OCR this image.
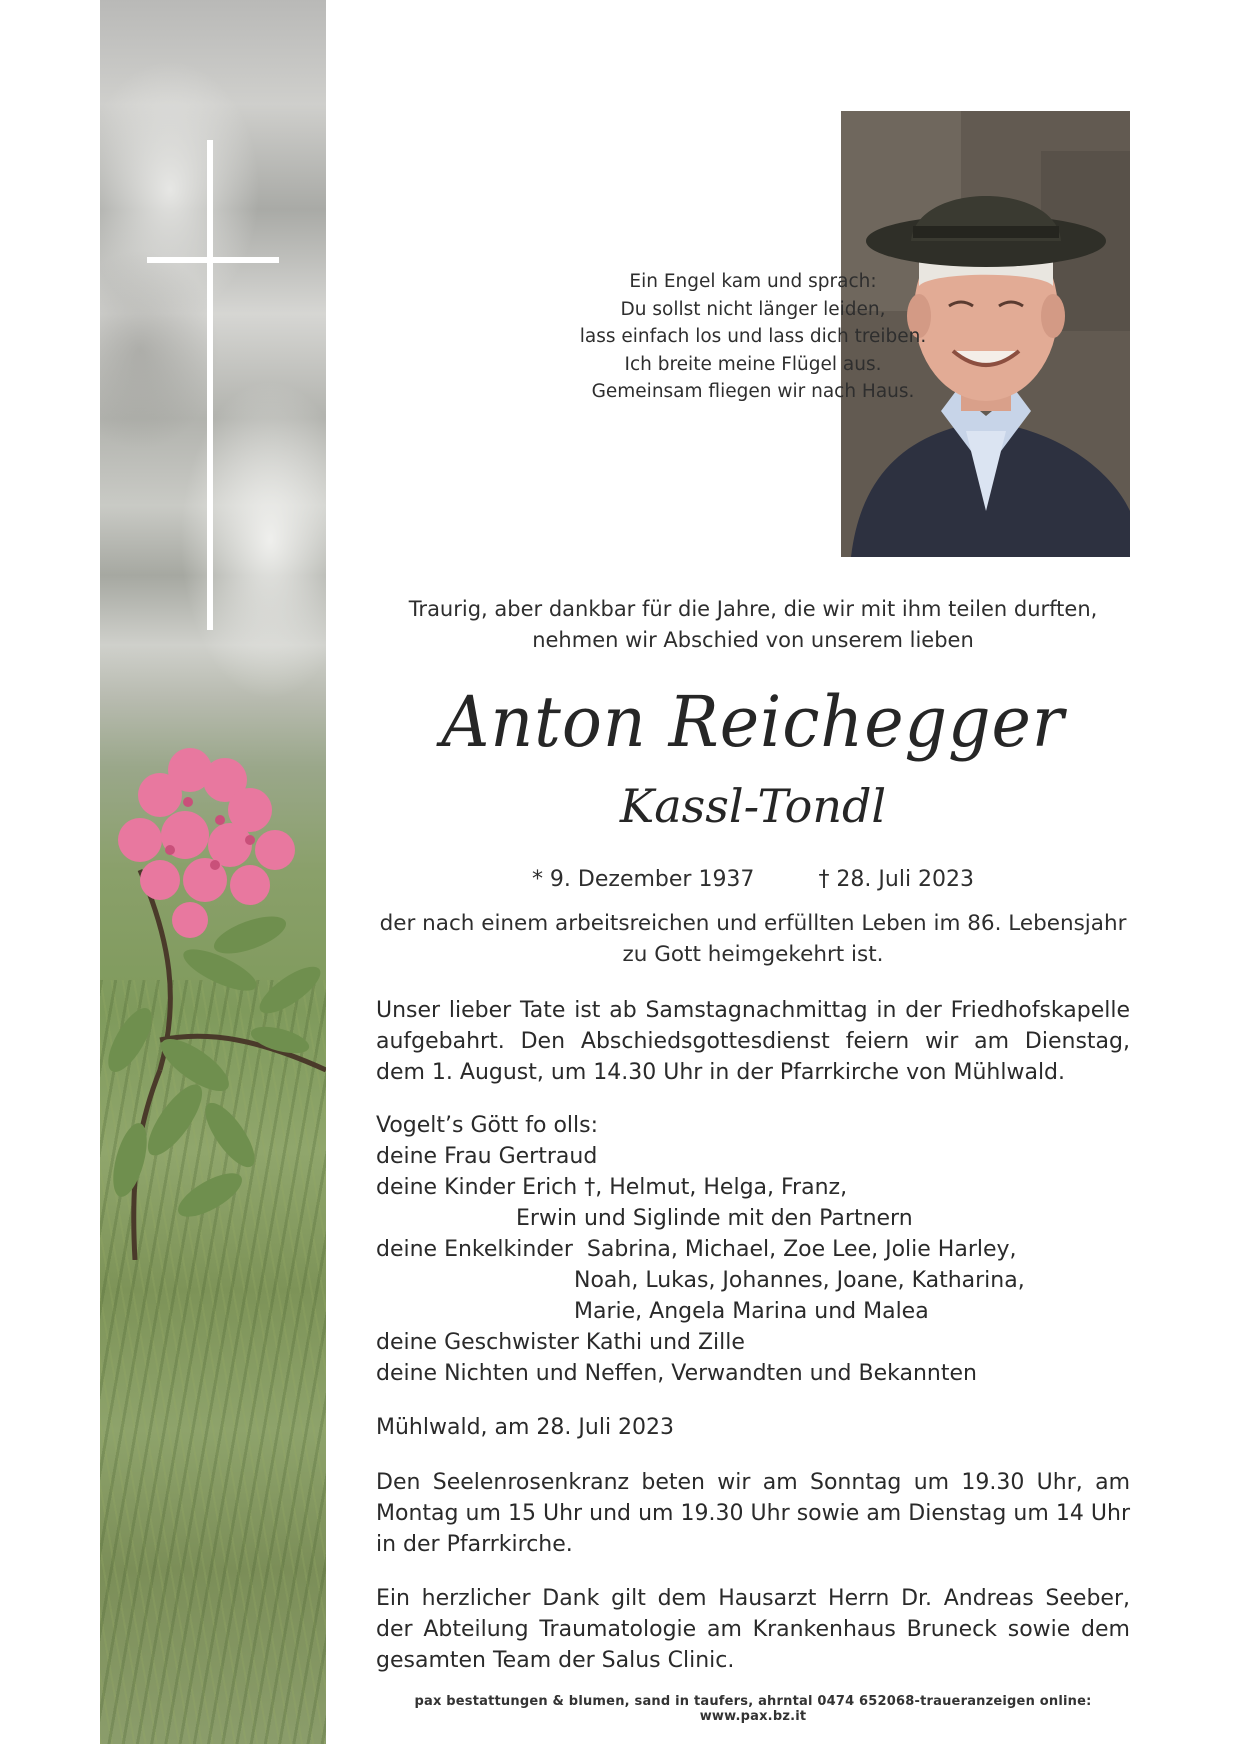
Ein Engel kam und sprach:
Du sollst nicht länger leiden,
lass einfach los und lass dich treiben.
Ich breite meine Flügel aus.
Gemeinsam fliegen wir nach Haus.
Traurig, aber dankbar für die Jahre, die wir mit ihm teilen durften,
nehmen wir Abschied von unserem lieben
Anton Reichegger
Kassl-Tondl
* 9. Dezember 1937	† 28. Juli 2023
der nach einem arbeitsreichen und erfüllten Leben im 86. Lebensjahr
zu Gott heimgekehrt ist.
Unser lieber Tate ist ab Samstagnachmittag in der Friedhofskapelle aufgebahrt. Den Abschiedsgottesdienst feiern wir am Dienstag, dem 1. August, um 14.30 Uhr in der Pfarrkirche von Mühlwald.
Vogelt’s Gött fo olls:
deine Frau Gertraud
deine Kinder
Erich †, Helmut, Helga, Franz,
Erwin und Siglinde mit den Partnern
deine Enkelkinder
Sabrina, Michael, Zoe Lee, Jolie Harley,
Noah, Lukas, Johannes, Joane, Katharina,
Marie, Angela Marina und Malea
deine Geschwister Kathi und Zille
deine Nichten und Neffen, Verwandten und Bekannten
Mühlwald, am 28. Juli 2023
Den Seelenrosenkranz beten wir am Sonntag um 19.30 Uhr, am Montag um 15 Uhr und um 19.30 Uhr sowie am Dienstag um 14 Uhr in der Pfarrkirche.
Ein herzlicher Dank gilt dem Hausarzt Herrn Dr. Andreas Seeber, der Abteilung Traumatologie am Krankenhaus Bruneck sowie dem gesamten Team der Salus Clinic.
pax bestattungen & blumen, sand in taufers, ahrntal 0474 652068-traueranzeigen online: www.pax.bz.it
